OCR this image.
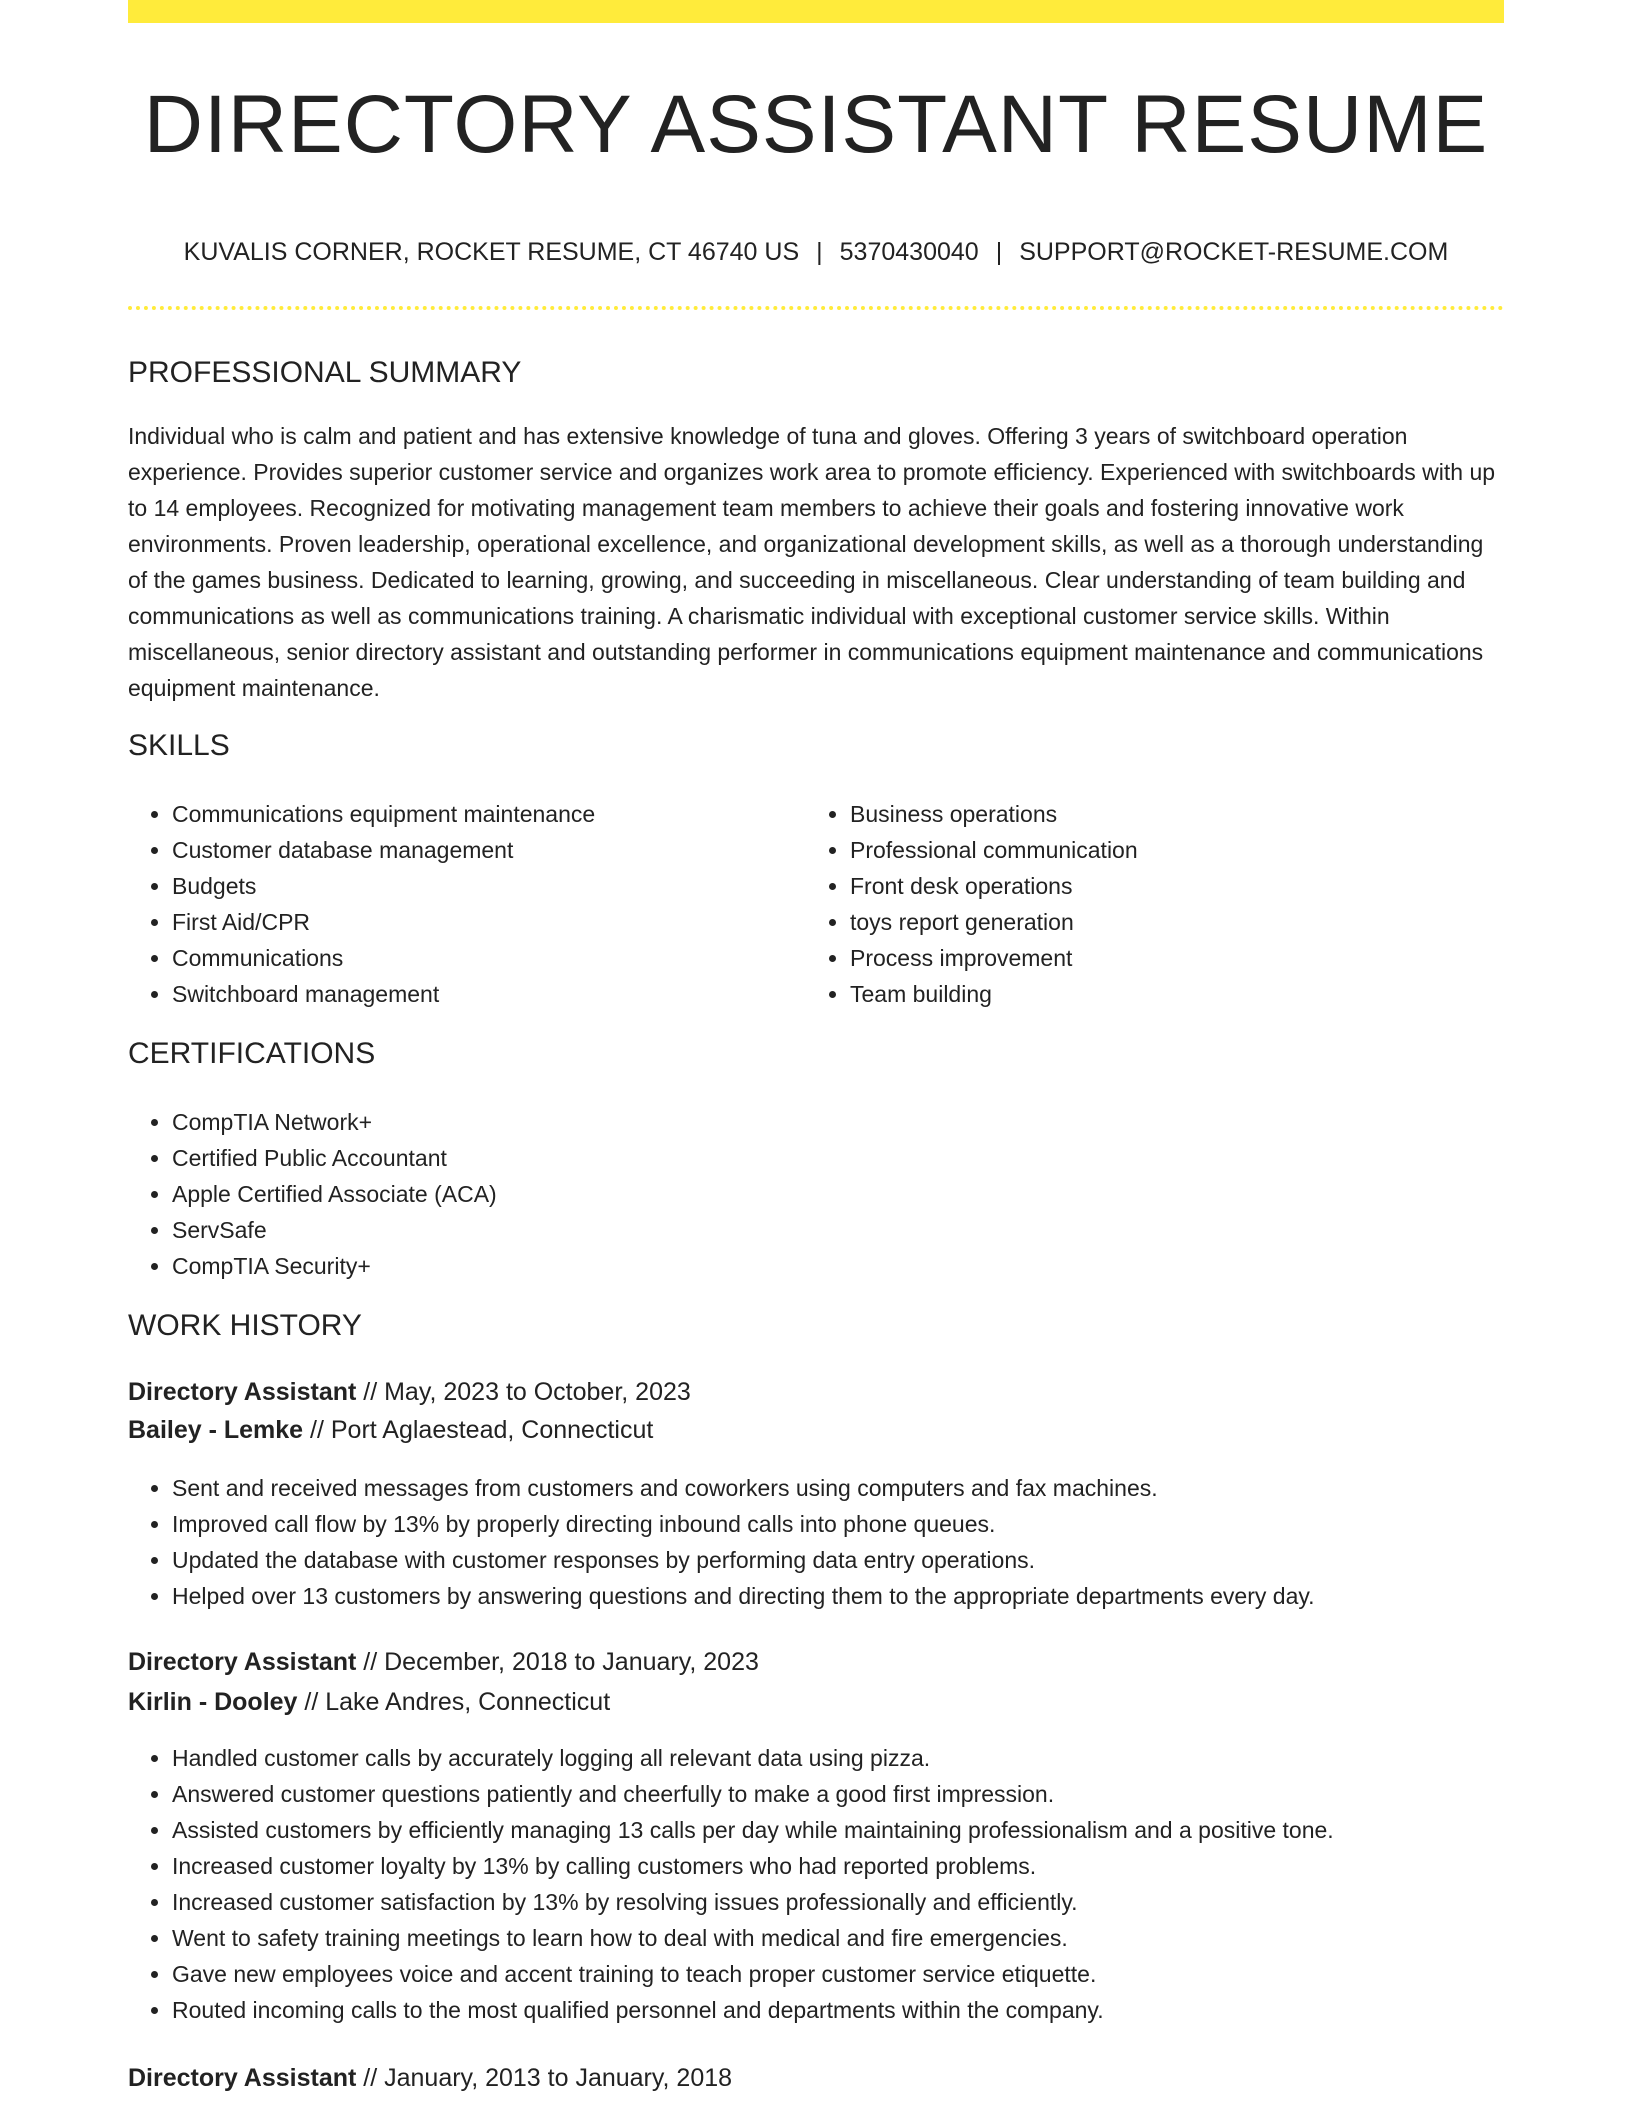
DIRECTORY ASSISTANT RESUME
KUVALIS CORNER, ROCKET RESUME, CT 46740 US | 5370430040 | SUPPORT@ROCKET-RESUME.COM
PROFESSIONAL SUMMARY

Individual who is calm and patient and has extensive knowledge of tuna and gloves. Offering 3 years of switchboard operation experience. Provides superior customer service and organizes work area to promote efficiency. Experienced with switchboards with up to 14 employees. Recognized for motivating management team members to achieve their goals and fostering innovative work environments. Proven leadership, operational excellence, and organizational development skills, as well as a thorough understanding of the games business. Dedicated to learning, growing, and succeeding in miscellaneous. Clear understanding of team building and communications as well as communications training. A charismatic individual with exceptional customer service skills. Within miscellaneous, senior directory assistant and outstanding performer in communications equipment maintenance and communications equipment maintenance.

SKILLS
• Communications equipment maintenance
• Customer database management
• Budgets
• First Aid/CPR
• Communications
• Switchboard management
• Business operations
• Professional communication
• Front desk operations
• toys report generation
• Process improvement
• Team building
CERTIFICATIONS
• CompTIA Network+
• Certified Public Accountant
• Apple Certified Associate (ACA)
• ServSafe
• CompTIA Security+
WORK HISTORY
Directory Assistant // May, 2023 to October, 2023
Bailey - Lemke // Port Aglaestead, Connecticut
• Sent and received messages from customers and coworkers using computers and fax machines.
• Improved call flow by 13% by properly directing inbound calls into phone queues.
• Updated the database with customer responses by performing data entry operations.
• Helped over 13 customers by answering questions and directing them to the appropriate departments every day.
Directory Assistant // December, 2018 to January, 2023
Kirlin - Dooley // Lake Andres, Connecticut
• Handled customer calls by accurately logging all relevant data using pizza.
• Answered customer questions patiently and cheerfully to make a good first impression.
• Assisted customers by efficiently managing 13 calls per day while maintaining professionalism and a positive tone.
• Increased customer loyalty by 13% by calling customers who had reported problems.
• Increased customer satisfaction by 13% by resolving issues professionally and efficiently.
• Went to safety training meetings to learn how to deal with medical and fire emergencies.
• Gave new employees voice and accent training to teach proper customer service etiquette.
• Routed incoming calls to the most qualified personnel and departments within the company.
Directory Assistant // January, 2013 to January, 2018
